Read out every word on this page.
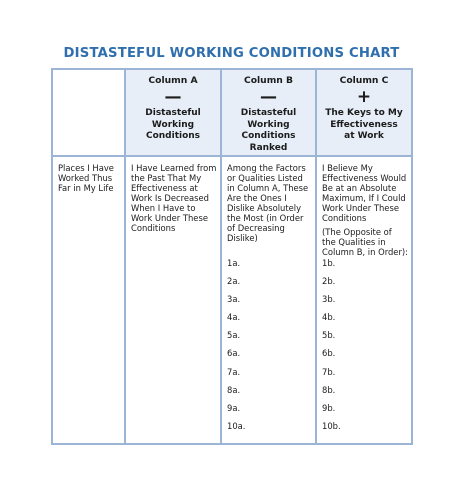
DISTASTEFUL WORKING CONDITIONS CHART
Column A
—
Distasteful Working Conditions
Column B
—
Distasteful Working Conditions Ranked
Column C
+
The Keys to My Effectiveness at Work
Places I Have Worked Thus Far in My Life
I Have Learned from the Past That My Effectiveness at Work Is Decreased When I Have to Work Under These Conditions
Among the Factors or Qualities Listed in Column A, These Are the Ones I Dislike Absolutely the Most (in Order of Decreasing Dislike)
I Believe My Effectiveness Would Be at an Absolute Maximum, If I Could Work Under These Conditions
(The Opposite of the Qualities in Column B, in Order):
1a.
2a.
3a.
4a.
5a.
6a.
7a.
8a.
9a.
10a.
1b.
2b.
3b.
4b.
5b.
6b.
7b.
8b.
9b.
10b.
